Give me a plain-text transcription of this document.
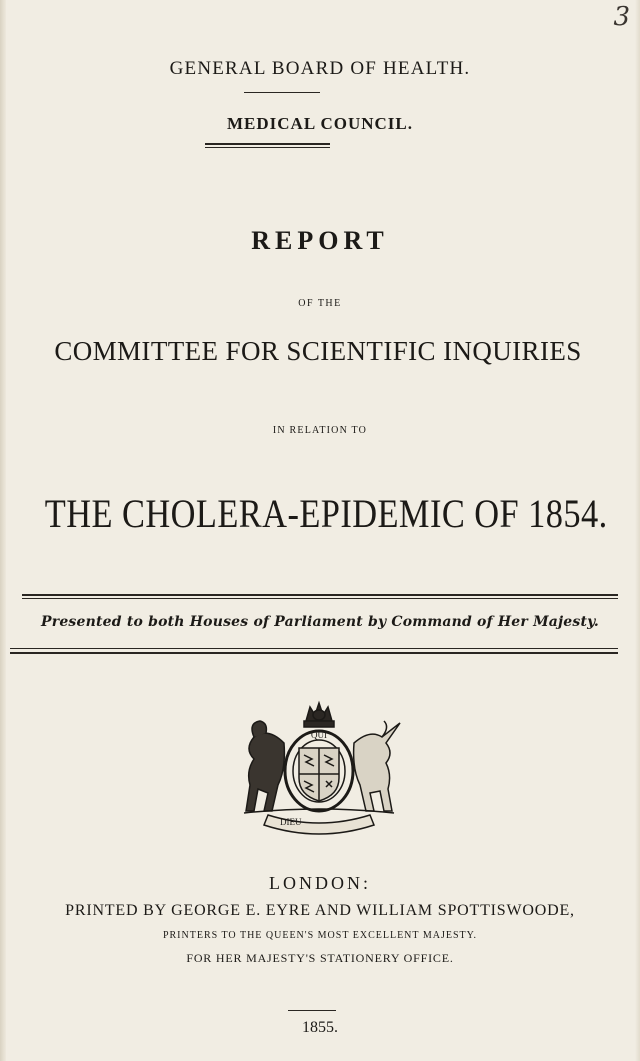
3
GENERAL BOARD OF HEALTH.
MEDICAL COUNCIL.
REPORT
OF THE
COMMITTEE FOR SCIENTIFIC INQUIRIES
IN RELATION TO
THE CHOLERA-EPIDEMIC OF 1854.
Presented to both Houses of Parliament by Command of Her Majesty.
QUI
DIEU
LONDON:
PRINTED BY GEORGE E. EYRE AND WILLIAM SPOTTISWOODE,
PRINTERS TO THE QUEEN'S MOST EXCELLENT MAJESTY.
FOR HER MAJESTY'S STATIONERY OFFICE.
1855.
